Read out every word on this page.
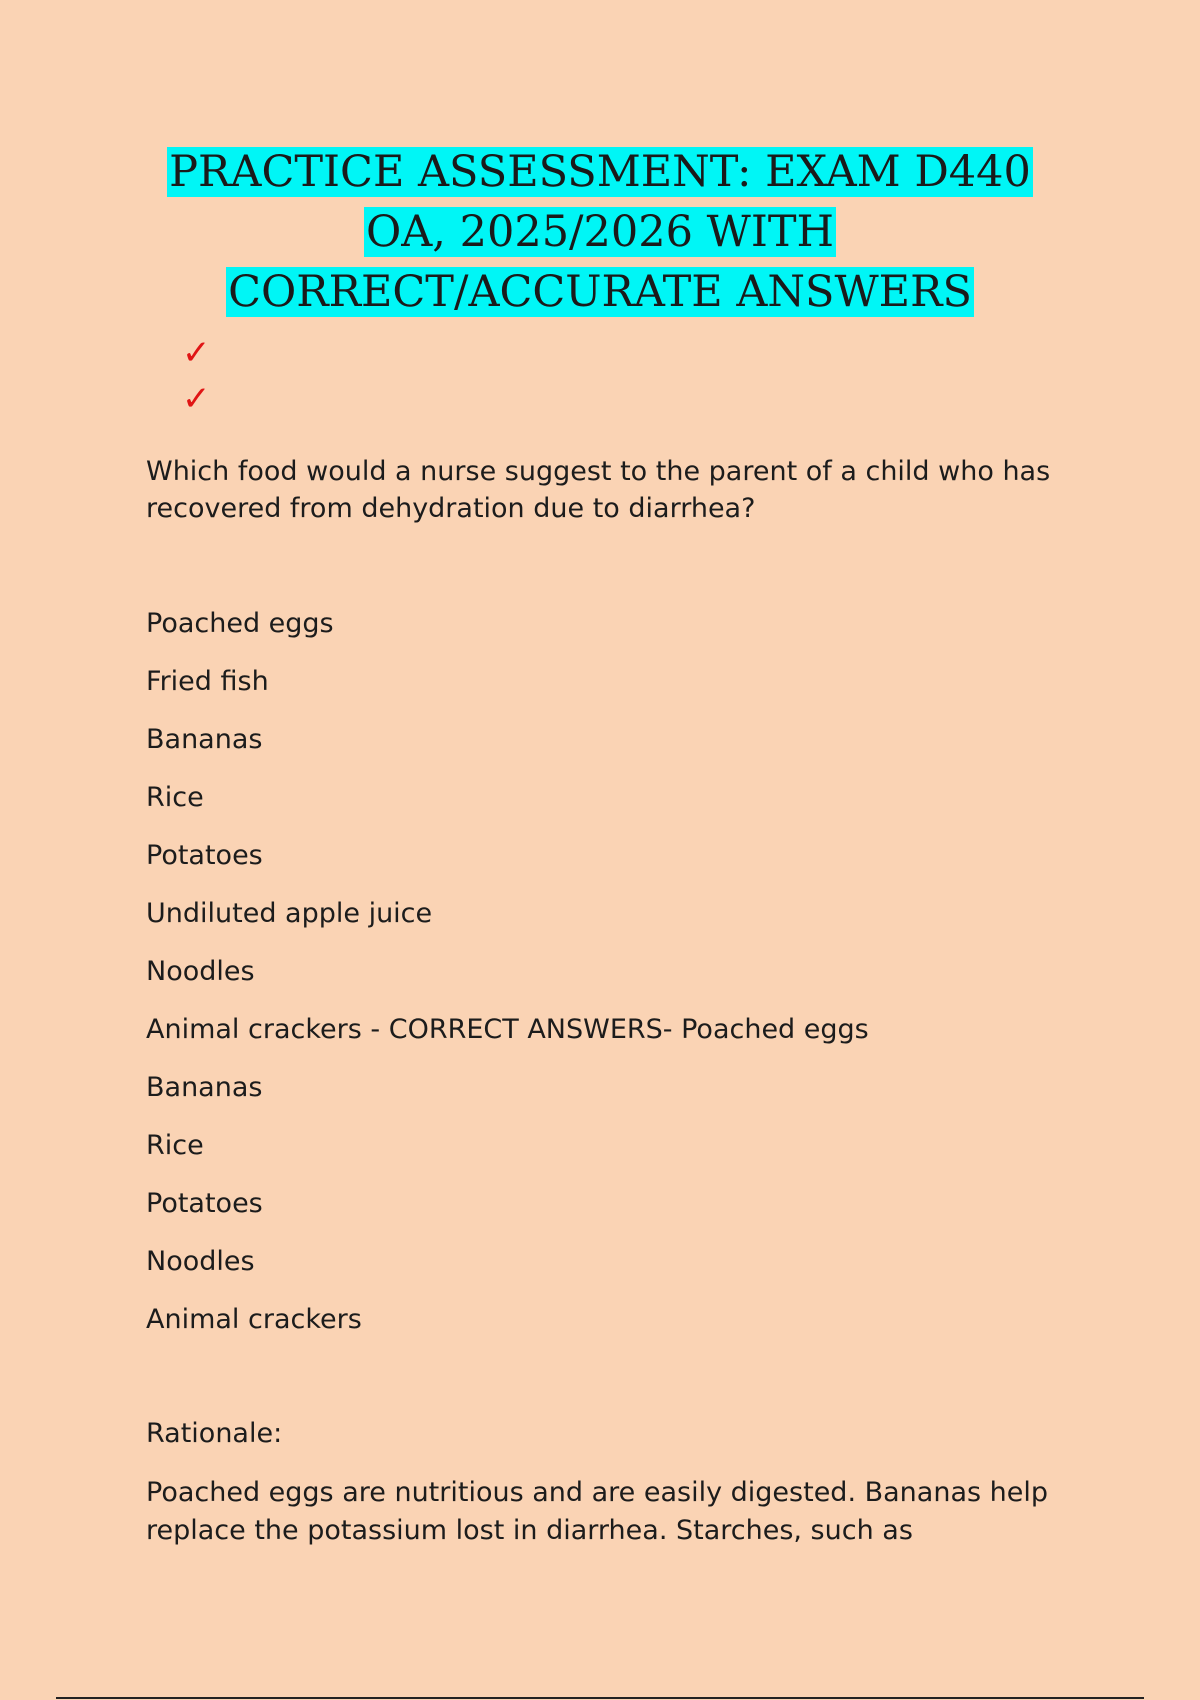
PRACTICE ASSESSMENT: EXAM D440
OA, 2025/2026 WITH
CORRECT/ACCURATE ANSWERS
✓
✓
Which food would a nurse suggest to the parent of a child who has recovered from dehydration due to diarrhea?
Poached eggs
Fried fish
Bananas
Rice
Potatoes
Undiluted apple juice
Noodles
Animal crackers - CORRECT ANSWERS- Poached eggs
Bananas
Rice
Potatoes
Noodles
Animal crackers
Rationale:
Poached eggs are nutritious and are easily digested. Bananas help replace the potassium lost in diarrhea. Starches, such as
